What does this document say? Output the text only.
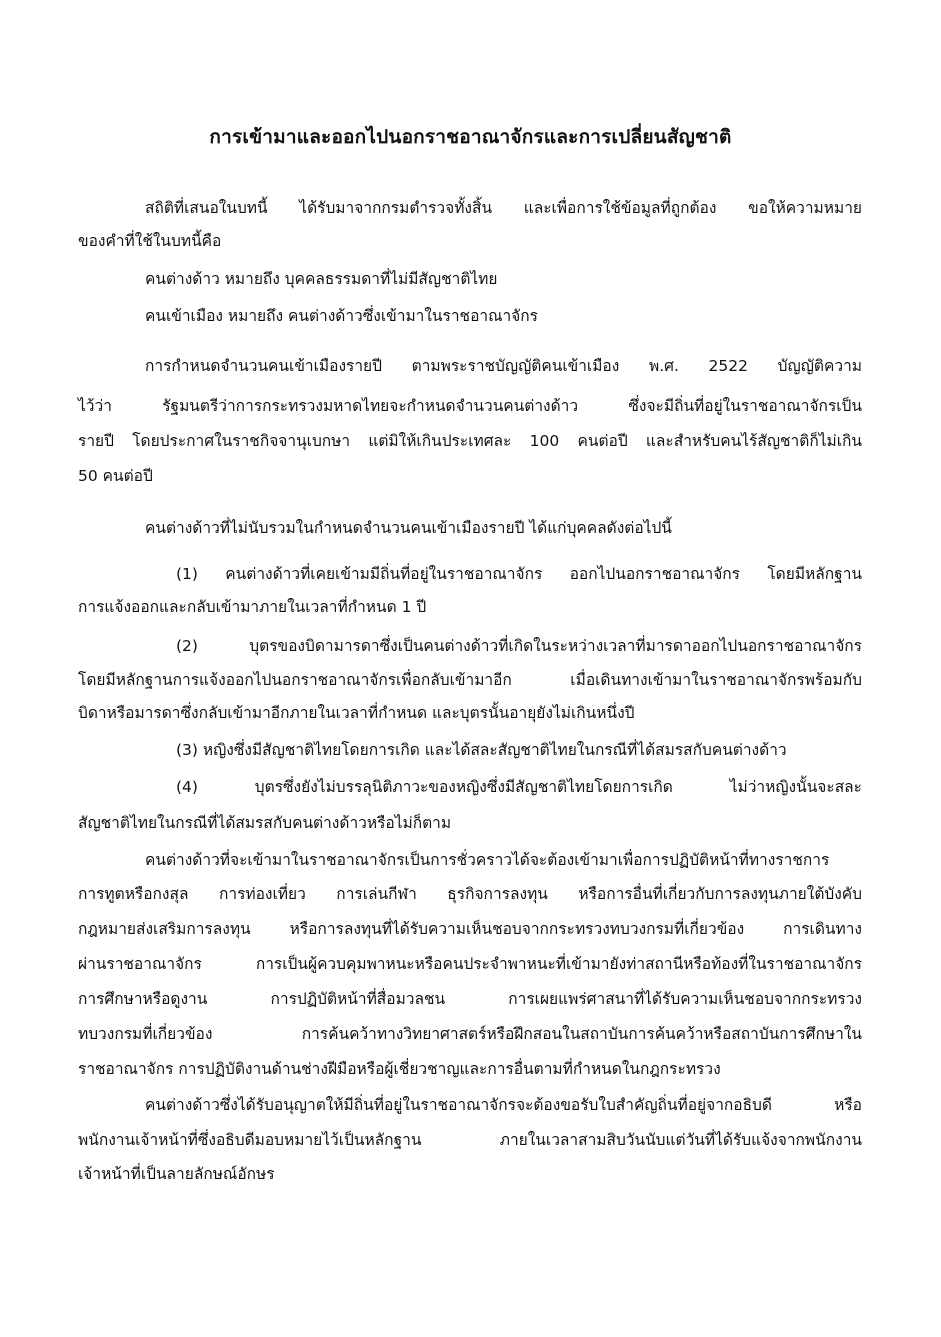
การเข้ามาและออกไปนอกราชอาณาจักรและการเปลี่ยนสัญชาติ
สถิติที่เสนอในบทนี้ ได้รับมาจากกรมตำรวจทั้งสิ้น และเพื่อการใช้ข้อมูลที่ถูกต้อง ขอให้ความหมาย
ของคำที่ใช้ในบทนี้คือ
คนต่างด้าว หมายถึง บุคคลธรรมดาที่ไม่มีสัญชาติไทย
คนเข้าเมือง หมายถึง คนต่างด้าวซึ่งเข้ามาในราชอาณาจักร
การกำหนดจำนวนคนเข้าเมืองรายปี ตามพระราชบัญญัติคนเข้าเมือง พ.ศ. 2522 บัญญัติความ
ไว้ว่า รัฐมนตรีว่าการกระทรวงมหาดไทยจะกำหนดจำนวนคนต่างด้าว ซึ่งจะมีถิ่นที่อยู่ในราชอาณาจักรเป็น
รายปี โดยประกาศในราชกิจจานุเบกษา แต่มิให้เกินประเทศละ 100 คนต่อปี และสำหรับคนไร้สัญชาติก็ไม่เกิน
50 คนต่อปี
คนต่างด้าวที่ไม่นับรวมในกำหนดจำนวนคนเข้าเมืองรายปี ได้แก่บุคคลดังต่อไปนี้
(1) คนต่างด้าวที่เคยเข้ามมีถิ่นที่อยู่ในราชอาณาจักร ออกไปนอกราชอาณาจักร โดยมีหลักฐาน
การแจ้งออกและกลับเข้ามาภายในเวลาที่กำหนด 1 ปี
(2) บุตรของบิดามารดาซึ่งเป็นคนต่างด้าวที่เกิดในระหว่างเวลาที่มารดาออกไปนอกราชอาณาจักร
โดยมีหลักฐานการแจ้งออกไปนอกราชอาณาจักรเพื่อกลับเข้ามาอีก เมื่อเดินทางเข้ามาในราชอาณาจักรพร้อมกับ
บิดาหรือมารดาซึ่งกลับเข้ามาอีกภายในเวลาที่กำหนด และบุตรนั้นอายุยังไม่เกินหนึ่งปี
(3) หญิงซึ่งมีสัญชาติไทยโดยการเกิด และได้สละสัญชาติไทยในกรณีที่ได้สมรสกับคนต่างด้าว
(4) บุตรซึ่งยังไม่บรรลุนิติภาวะของหญิงซึ่งมีสัญชาติไทยโดยการเกิด ไม่ว่าหญิงนั้นจะสละ
สัญชาติไทยในกรณีที่ได้สมรสกับคนต่างด้าวหรือไม่ก็ตาม
คนต่างด้าวที่จะเข้ามาในราชอาณาจักรเป็นการชั่วคราวได้จะต้องเข้ามาเพื่อการปฏิบัติหน้าที่ทางราชการ
การทูตหรือกงสุล การท่องเที่ยว การเล่นกีฬา ธุรกิจการลงทุน หรือการอื่นที่เกี่ยวกับการลงทุนภายใต้บังคับ
กฎหมายส่งเสริมการลงทุน หรือการลงทุนที่ได้รับความเห็นชอบจากกระทรวงทบวงกรมที่เกี่ยวข้อง การเดินทาง
ผ่านราชอาณาจักร การเป็นผู้ควบคุมพาหนะหรือคนประจำพาหนะที่เข้ามายังท่าสถานีหรือท้องที่ในราชอาณาจักร
การศึกษาหรือดูงาน การปฏิบัติหน้าที่สื่อมวลชน การเผยแพร่ศาสนาที่ได้รับความเห็นชอบจากกระทรวง
ทบวงกรมที่เกี่ยวข้อง การค้นคว้าทางวิทยาศาสตร์หรือฝึกสอนในสถาบันการค้นคว้าหรือสถาบันการศึกษาใน
ราชอาณาจักร การปฏิบัติงานด้านช่างฝีมือหรือผู้เชี่ยวชาญและการอื่นตามที่กำหนดในกฎกระทรวง
คนต่างด้าวซึ่งได้รับอนุญาตให้มีถิ่นที่อยู่ในราชอาณาจักรจะต้องขอรับใบสำคัญถิ่นที่อยู่จากอธิบดี หรือ
พนักงานเจ้าหน้าที่ซึ่งอธิบดีมอบหมายไว้เป็นหลักฐาน ภายในเวลาสามสิบวันนับแต่วันที่ได้รับแจ้งจากพนักงาน
เจ้าหน้าที่เป็นลายลักษณ์อักษร
